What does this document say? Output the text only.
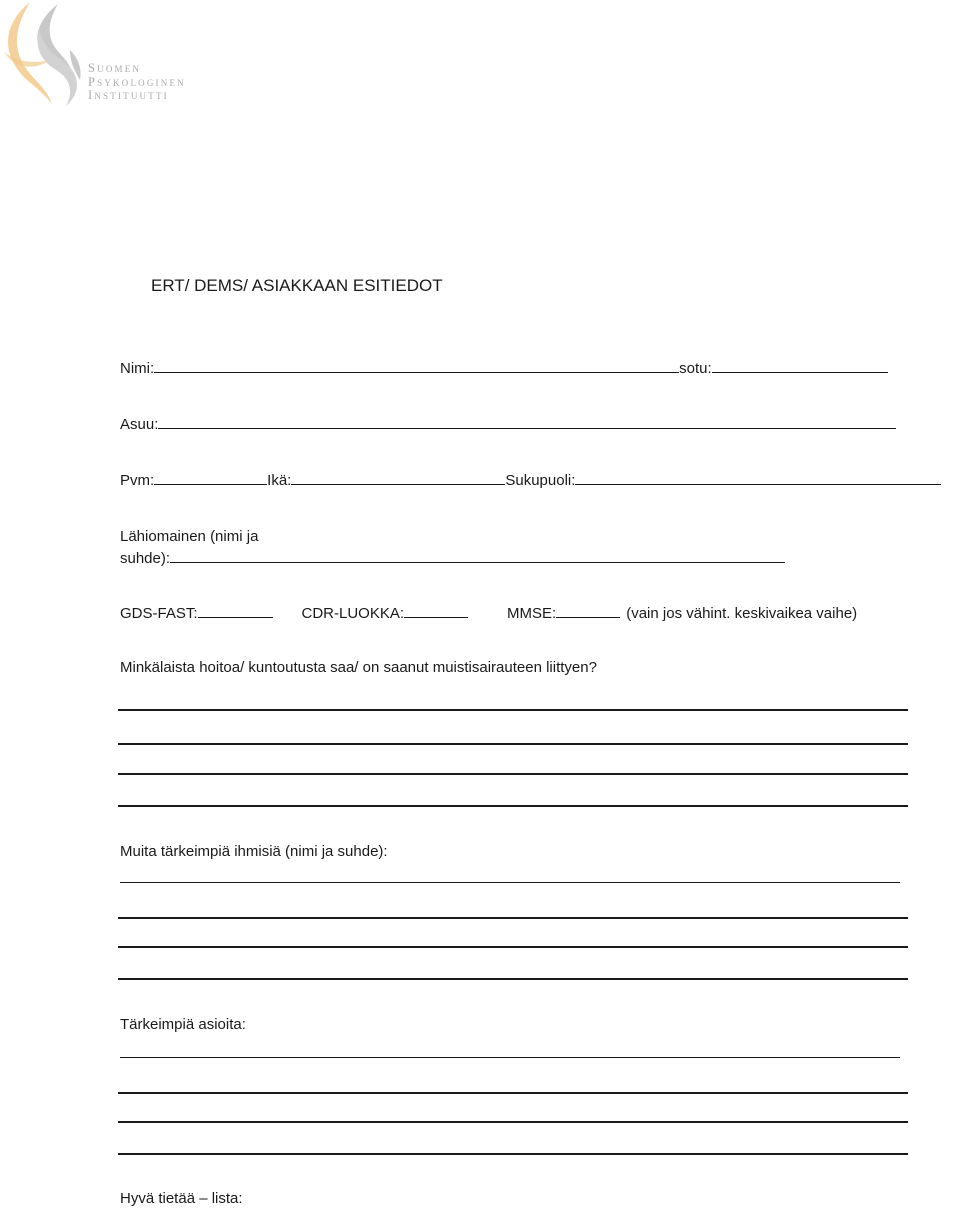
Suomen
Psykologinen
Instituutti
ERT/ DEMS/ ASIAKKAAN ESITIEDOT
Nimi:	sotu:
Asuu:
Pvm:	Ikä:	Sukupuoli:
Lähiomainen (nimi ja
suhde):
GDS-FAST:	CDR-LUOKKA:	MMSE:	(vain jos vähint. keskivaikea vaihe)
Minkälaista hoitoa/ kuntoutusta saa/ on saanut muistisairauteen liittyen?
Muita tärkeimpiä ihmisiä (nimi ja suhde):
Tärkeimpiä asioita:
Hyvä tietää – lista:
